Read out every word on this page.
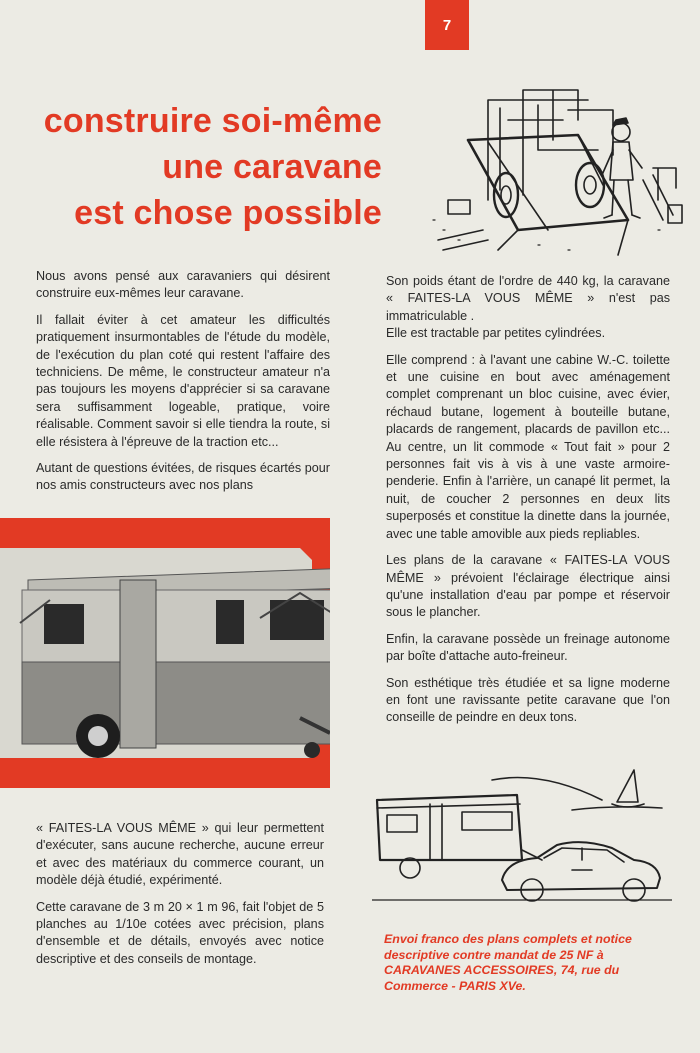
7
construire soi-même
une caravane
est chose possible

Nous avons pensé aux caravaniers qui désirent construire eux-mêmes leur caravane.

Il fallait éviter à cet amateur les difficultés pratiquement insurmontables de l'étude du modèle, de l'exécution du plan coté qui restent l'affaire des techniciens. De même, le constructeur amateur n'a pas toujours les moyens d'apprécier si sa caravane sera suffisamment logeable, pratique, voire réalisable. Comment savoir si elle tiendra la route, si elle résistera à l'épreuve de la traction etc...

Autant de questions évitées, de risques écartés pour nos amis constructeurs avec nos plans

Son poids étant de l'ordre de 440 kg, la caravane « FAITES-LA VOUS MÊME » n'est pas immatriculable .

Elle est tractable par petites cylindrées.

Elle comprend : à l'avant une cabine W.-C. toilette et une cuisine en bout avec aménagement complet comprenant un bloc cuisine, avec évier, réchaud butane, logement à bouteille butane, placards de rangement, placards de pavillon etc... Au centre, un lit commode « Tout fait » pour 2 personnes fait vis à vis à une vaste armoire-penderie. Enfin à l'arrière, un canapé lit permet, la nuit, de coucher 2 personnes en deux lits superposés et constitue la dinette dans la journée, avec une table amovible aux pieds repliables.

Les plans de la caravane « FAITES-LA VOUS MÊME » prévoient l'éclairage électrique ainsi qu'une installation d'eau par pompe et réservoir sous le plancher.

Enfin, la caravane possède un freinage autonome par boîte d'attache auto-freineur.

Son esthétique très étudiée et sa ligne moderne en font une ravissante petite caravane que l'on conseille de peindre en deux tons.

« FAITES-LA VOUS MÊME » qui leur permettent d'exécuter, sans aucune recherche, aucune erreur et avec des matériaux du commerce courant, un modèle déjà étudié, expérimenté.

Cette caravane de 3 m 20 × 1 m 96, fait l'objet de 5 planches au 1/10e cotées avec précision, plans d'ensemble et de détails, envoyés avec notice descriptive et des conseils de montage.

Envoi franco des plans complets et notice descriptive contre mandat de 25 NF à CARAVANES ACCESSOIRES, 74, rue du Commerce - PARIS XVe.
